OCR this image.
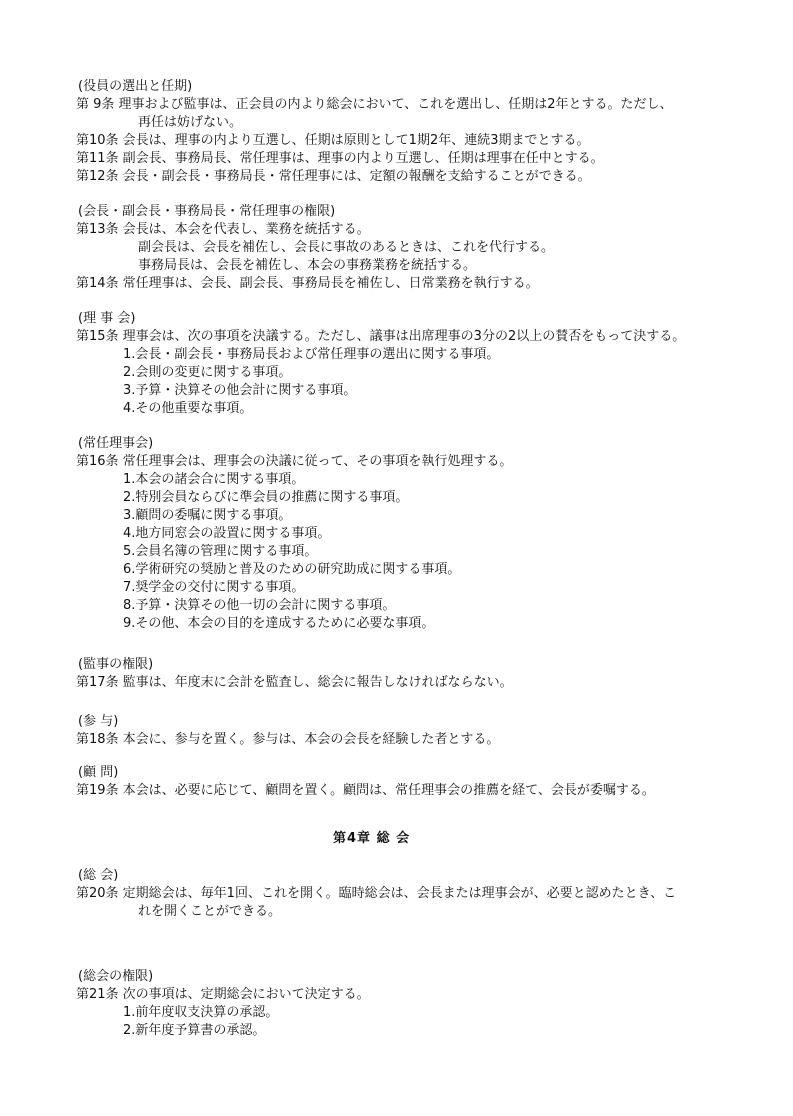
(役員の選出と任期)
第 9条 理事および監事は、正会員の内より総会において、これを選出し、任期は2年とする。ただし、
再任は妨げない。
第10条 会長は、理事の内より互選し、任期は原則として1期2年、連続3期までとする。
第11条 副会長、事務局長、常任理事は、理事の内より互選し、任期は理事在任中とする。
第12条 会長・副会長・事務局長・常任理事には、定額の報酬を支給することができる。
(会長・副会長・事務局長・常任理事の権限)
第13条 会長は、本会を代表し、業務を統括する。
副会長は、会長を補佐し、会長に事故のあるときは、これを代行する。
事務局長は、会長を補佐し、本会の事務業務を統括する。
第14条 常任理事は、会長、副会長、事務局長を補佐し、日常業務を執行する。
(理 事 会)
第15条 理事会は、次の事項を決議する。ただし、議事は出席理事の3分の2以上の賛否をもって決する。
1.会長・副会長・事務局長および常任理事の選出に関する事項。
2.会則の変更に関する事項。
3.予算・決算その他会計に関する事項。
4.その他重要な事項。
(常任理事会)
第16条 常任理事会は、理事会の決議に従って、その事項を執行処理する。
1.本会の諸会合に関する事項。
2.特別会員ならびに準会員の推薦に関する事項。
3.顧問の委嘱に関する事項。
4.地方同窓会の設置に関する事項。
5.会員名簿の管理に関する事項。
6.学術研究の奨励と普及のための研究助成に関する事項。
7.奨学金の交付に関する事項。
8.予算・決算その他一切の会計に関する事項。
9.その他、本会の目的を達成するために必要な事項。
(監事の権限)
第17条 監事は、年度末に会計を監査し、総会に報告しなければならない。
(参 与)
第18条 本会に、参与を置く。参与は、本会の会長を経験した者とする。
(顧 問)
第19条 本会は、必要に応じて、顧問を置く。顧問は、常任理事会の推薦を経て、会長が委嘱する。
第4章 総 会
(総 会)
第20条 定期総会は、毎年1回、これを開く。臨時総会は、会長または理事会が、必要と認めたとき、こ
れを開くことができる。
(総会の権限)
第21条 次の事項は、定期総会において決定する。
1.前年度収支決算の承認。
2.新年度予算書の承認。
